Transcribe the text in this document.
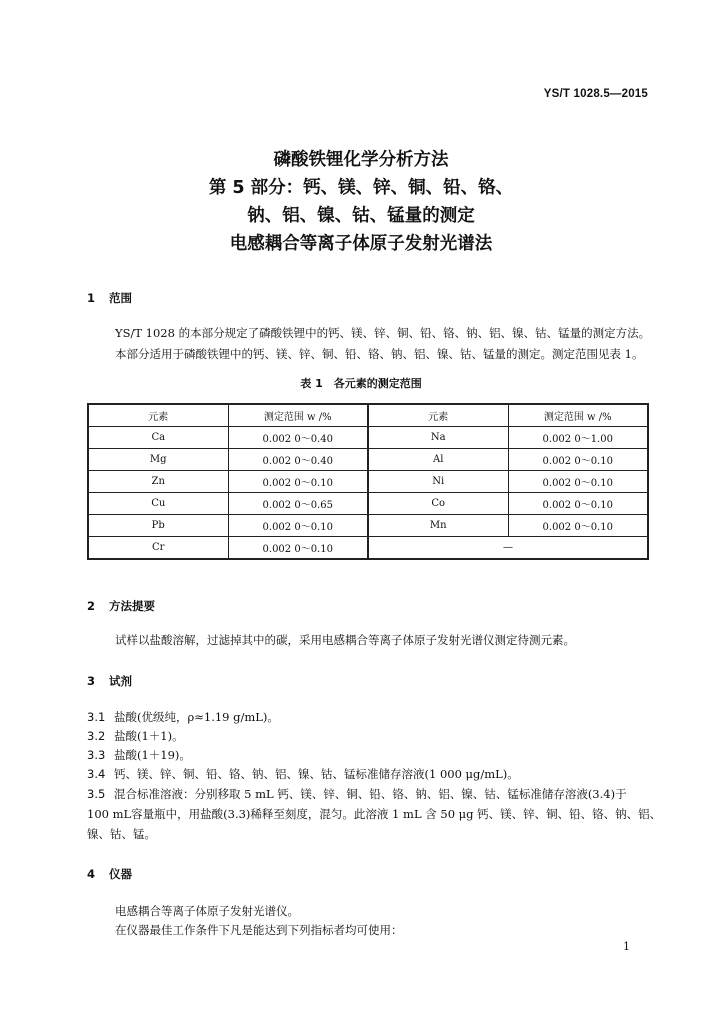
YS/T 1028.5—2015
磷酸铁锂化学分析方法
第 5 部分：钙、镁、锌、铜、铅、铬、
钠、铝、镍、钴、锰量的测定
电感耦合等离子体原子发射光谱法
1 范围
YS/T 1028 的本部分规定了磷酸铁锂中的钙、镁、锌、铜、铅、铬、钠、铝、镍、钴、锰量的测定方法。
本部分适用于磷酸铁锂中的钙、镁、锌、铜、铅、铬、钠、铝、镍、钴、锰量的测定。测定范围见表 1。
表 1　各元素的测定范围
元素	测定范围 w /%	元素	测定范围 w /%
Ca	0.002 0～0.40	Na	0.002 0～1.00
Mg	0.002 0～0.40	Al	0.002 0～0.10
Zn	0.002 0～0.10	Ni	0.002 0～0.10
Cu	0.002 0～0.65	Co	0.002 0～0.10
Pb	0.002 0～0.10	Mn	0.002 0～0.10
Cr	0.002 0～0.10	—	
2 方法提要
试样以盐酸溶解，过滤掉其中的碳，采用电感耦合等离子体原子发射光谱仪测定待测元素。
3 试剂
3.1 盐酸(优级纯，ρ≈1.19 g/mL)。
3.2 盐酸(1＋1)。
3.3 盐酸(1＋19)。
3.4 钙、镁、锌、铜、铅、铬、钠、铝、镍、钴、锰标准储存溶液(1 000 μg/mL)。
3.5 混合标准溶液：分别移取 5 mL 钙、镁、锌、铜、铅、铬、钠、铝、镍、钴、锰标准储存溶液(3.4)于
100 mL容量瓶中，用盐酸(3.3)稀释至刻度，混匀。此溶液 1 mL 含 50 μg 钙、镁、锌、铜、铅、铬、钠、铝、
镍、钴、锰。
4 仪器
电感耦合等离子体原子发射光谱仪。
在仪器最佳工作条件下凡是能达到下列指标者均可使用：
1
